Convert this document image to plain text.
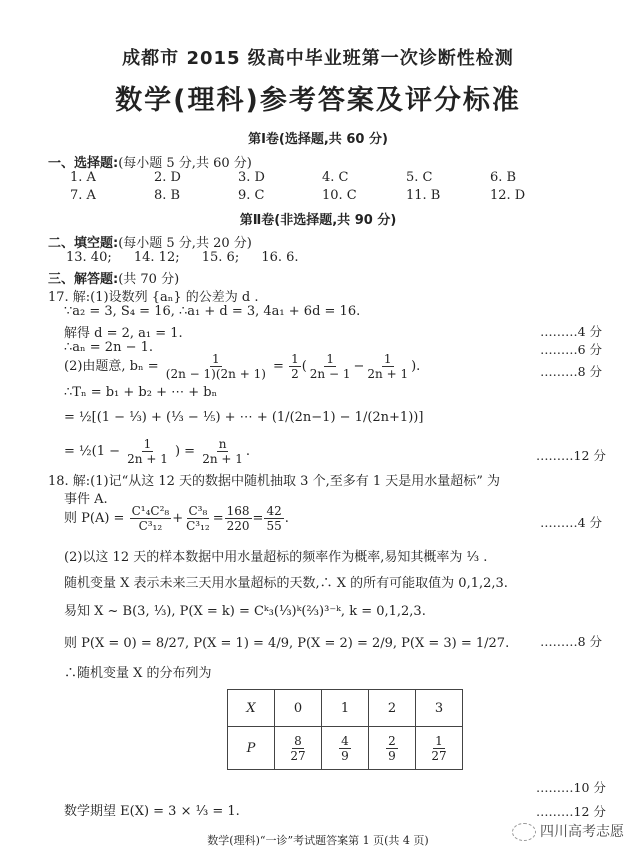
成都市 2015 级高中毕业班第一次诊断性检测
数学(理科)参考答案及评分标准
第Ⅰ卷(选择题,共 60 分)
一、选择题:(每小题 5 分,共 60 分)
1. A	2. D	3. D	4. C	5. C	6. B
7. A	8. B	9. C	10. C	11. B	12. D
第Ⅱ卷(非选择题,共 90 分)
二、填空题:(每小题 5 分,共 20 分)
13. 40; 14. 12; 15. 6; 16. 6.
三、解答题:(共 70 分)
17. 解:(1)设数列 {aₙ} 的公差为 d .
∵a₂ = 3, S₄ = 16, ∴a₁ + d = 3, 4a₁ + 6d = 16.
解得 d = 2, a₁ = 1.	………4 分
∴aₙ = 2n − 1.	………6 分
(2)由题意, $b_n = \frac{1}{(2n - 1)(2n + 1)} = \frac{1}{2}$ ( $\frac{1}{2n - 1} - \frac{1}{2n + 1}$ ).	………8 分
∴Tₙ = b₁ + b₂ + ⋯ + bₙ
= ½[(1 − ⅓) + (⅓ − ⅕) + ⋯ + (1/(2n−1) − 1/(2n+1))]
= ½(1 − $\frac{1}{2n + 1}$ ) = $\frac{n}{2n + 1}$ .	………12 分
18. 解:(1)记“从这 12 天的数据中随机抽取 3 个,至多有 1 天是用水量超标” 为
事件 A.
则 $P(A) = \frac{\text{C¹₄C²₈}}{\text{C³₁₂}} + \frac{\text{C³₈}}{\text{C³₁₂}} = \frac{168}{220} = \frac{42}{55}$ .	………4 分
(2)以这 12 天的样本数据中用水量超标的频率作为概率,易知其概率为 ⅓ .
随机变量 X 表示未来三天用水量超标的天数,∴ X 的所有可能取值为 0,1,2,3.
易知 X ~ B(3, ⅓), P(X = k) = Cᵏ₃(⅓)ᵏ(⅔)³⁻ᵏ, k = 0,1,2,3.
则 P(X = 0) = 8/27, P(X = 1) = 4/9, P(X = 2) = 2/9, P(X = 3) = 1/27.	………8 分
∴随机变量 X 的分布列为
X	0	1	2	3
P	$\frac{8}{27}$	$\frac{4}{9}$	$\frac{2}{9}$	$\frac{1}{27}$
………10 分
数学期望 E(X) = 3 × ⅓ = 1.	………12 分
数学(理科)“一诊”考试题答案第 1 页(共 4 页)
四川高考志愿
